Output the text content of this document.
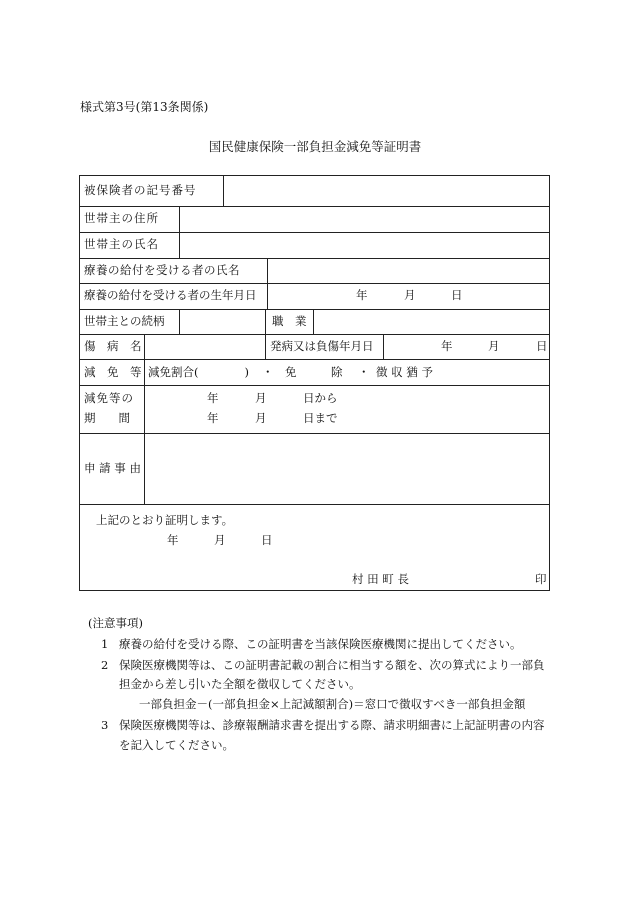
様式第3号(第13条関係)
国民健康保険一部負担金減免等証明書
被保険者の記号番号
世帯主の住所
世帯主の氏名
療養の給付を受ける者の氏名
療養の給付を受ける者の生年月日	年	月	日
世帯主との続柄	職　業
傷　病　名	発病又は負傷年月日	年	月	日
減　免　等 減免割合(　　　　) ・ 免　　　除 ・ 徴 収 猶 予
減免等の
期　　間
年	月	日から
年	月	日まで
申 請 事 由
上記のとおり証明します。
年	月	日
村 田 町 長	印
(注意事項)
1 療養の給付を受ける際、この証明書を当該保険医療機関に提出してください。
2 保険医療機関等は、この証明書記載の割合に相当する額を、次の算式により一部負
担金から差し引いた全額を徴収してください。
一部負担金－(一部負担金×上記減額割合)＝窓口で徴収すべき一部負担金額
3 保険医療機関等は、診療報酬請求書を提出する際、請求明細書に上記証明書の内容
を記入してください。
